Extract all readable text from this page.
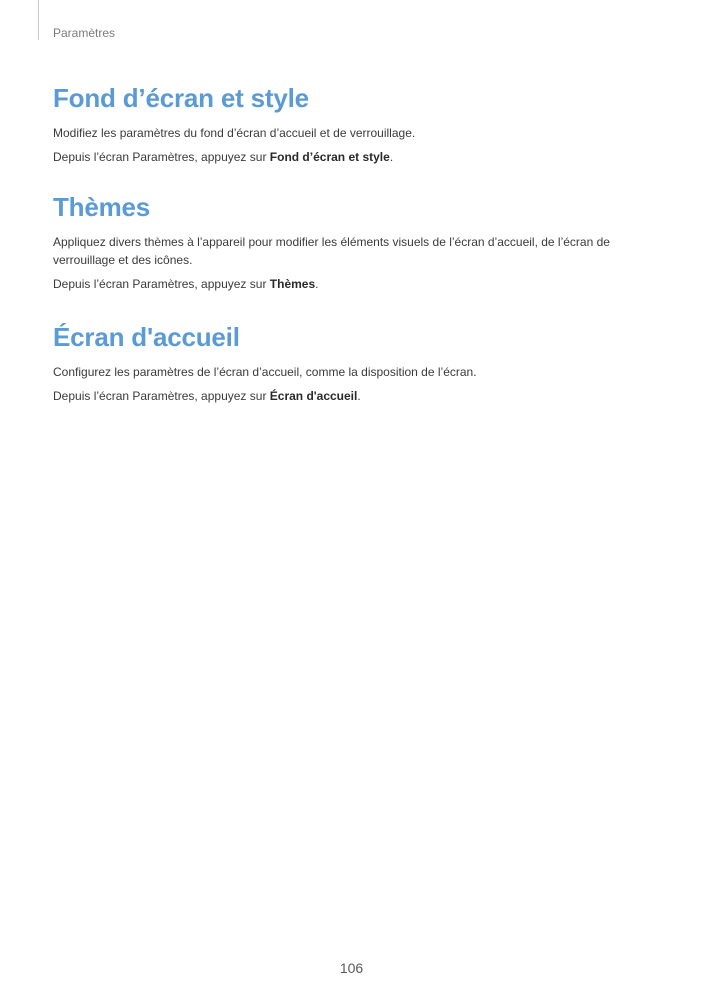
Paramètres
Fond d’écran et style

Modifiez les paramètres du fond d’écran d’accueil et de verrouillage.

Depuis l’écran Paramètres, appuyez sur Fond d’écran et style.

Thèmes

Appliquez divers thèmes à l’appareil pour modifier les éléments visuels de l’écran d’accueil, de l’écran de verrouillage et des icônes.

Depuis l’écran Paramètres, appuyez sur Thèmes.

Écran d'accueil

Configurez les paramètres de l’écran d’accueil, comme la disposition de l’écran.

Depuis l’écran Paramètres, appuyez sur Écran d'accueil.

106
